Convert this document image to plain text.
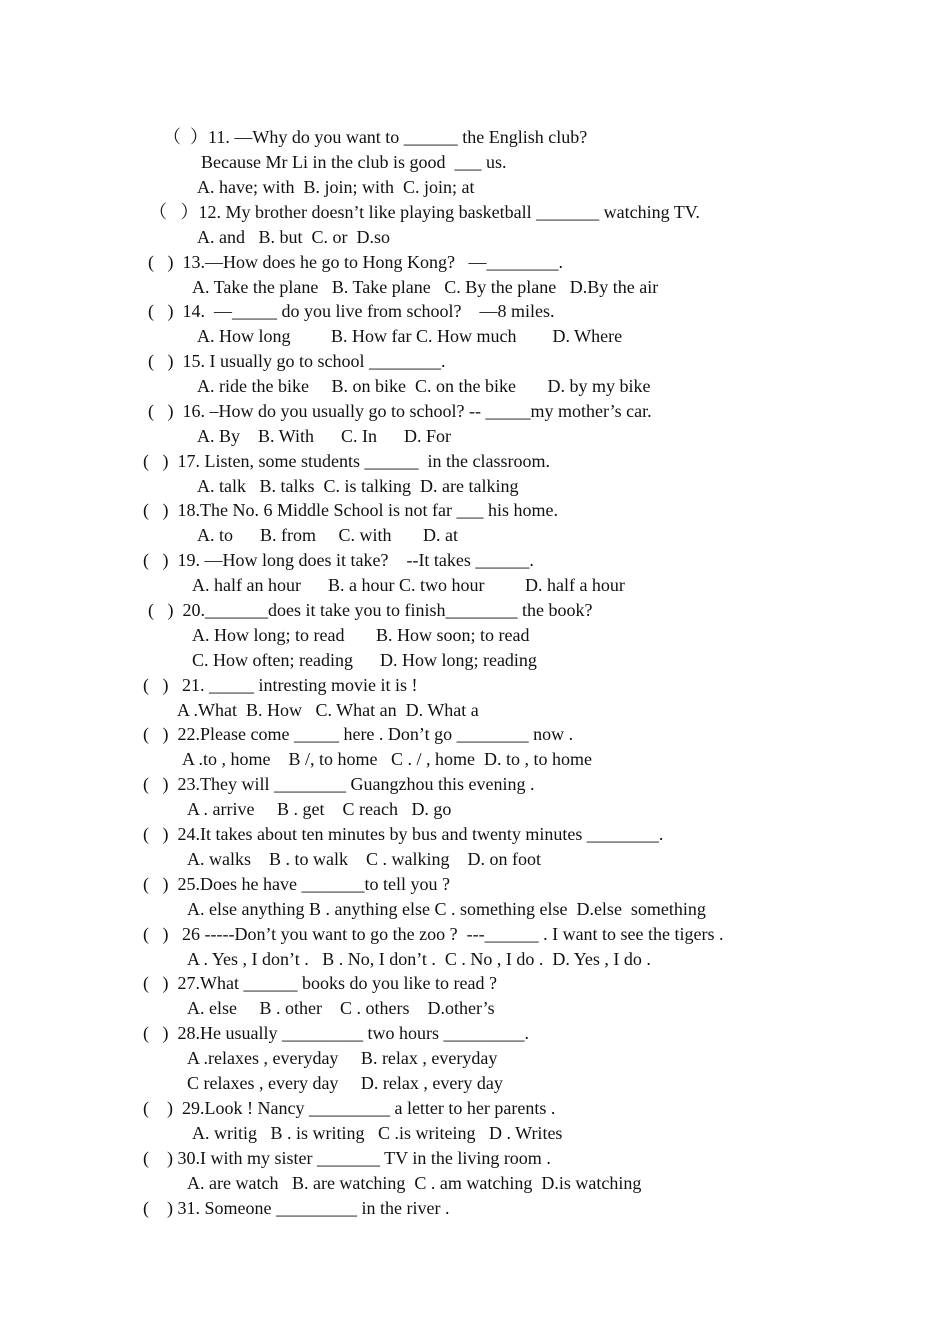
（  ）11. —Why do you want to ______ the English club?
Because Mr Li in the club is good  ___ us.
A. have; with  B. join; with  C. join; at
（   ）12. My brother doesn’t like playing basketball _______ watching TV.
A. and   B. but  C. or  D.so
(   )  13.—How does he go to Hong Kong?   —________.
A. Take the plane   B. Take plane   C. By the plane   D.By the air
(   )  14.  —_____ do you live from school?    —8 miles.
A. How long         B. How far C. How much        D. Where
(   )  15. I usually go to school ________.
A. ride the bike     B. on bike  C. on the bike       D. by my bike
(   )  16. –How do you usually go to school? -- _____my mother’s car.
A. By    B. With      C. In      D. For
(   )  17. Listen, some students ______  in the classroom.
A. talk   B. talks  C. is talking  D. are talking
(   )  18.The No. 6 Middle School is not far ___ his home.
A. to      B. from     C. with       D. at
(   )  19. —How long does it take?    --It takes ______.
A. half an hour      B. a hour C. two hour         D. half a hour
(   )  20._______does it take you to finish________ the book?
A. How long; to read       B. How soon; to read
C. How often; reading      D. How long; reading
(   )   21. _____ intresting movie it is !
A .What  B. How   C. What an  D. What a
(   )  22.Please come _____ here . Don’t go ________ now .
A .to , home    B /, to home   C . / , home  D. to , to home
(   )  23.They will ________ Guangzhou this evening .
A . arrive     B . get    C reach   D. go
(   )  24.It takes about ten minutes by bus and twenty minutes ________.
A. walks    B . to walk    C . walking    D. on foot
(   )  25.Does he have _______to tell you ?
A. else anything B . anything else C . something else  D.else  something
(   )   26 -----Don’t you want to go the zoo ?  ---______ . I want to see the tigers .
A . Yes , I don’t .   B . No, I don’t .  C . No , I do .  D. Yes , I do .
(   )  27.What ______ books do you like to read ?
A. else     B . other    C . others    D.other’s
(   )  28.He usually _________ two hours _________.
A .relaxes , everyday     B. relax , everyday
C relaxes , every day     D. relax , every day
(    )  29.Look ! Nancy _________ a letter to her parents .
A. writig   B . is writing   C .is writeing   D . Writes
(    ) 30.I with my sister _______ TV in the living room .
A. are watch   B. are watching  C . am watching  D.is watching
(    ) 31. Someone _________ in the river .
